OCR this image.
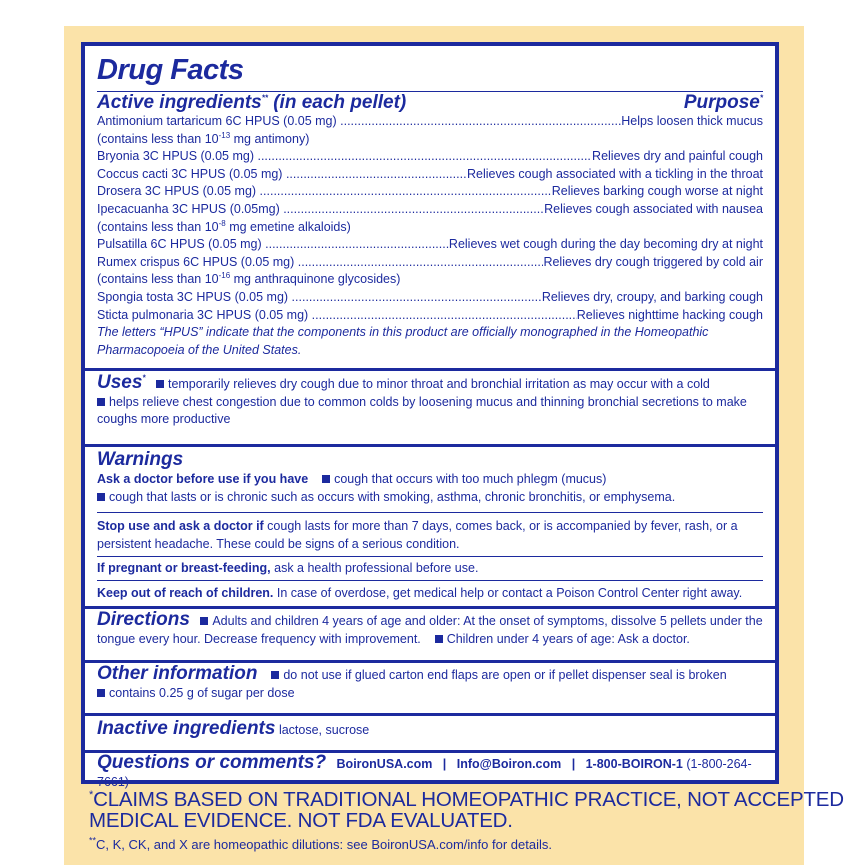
Drug Facts
Active ingredients** (in each pellet)	Purpose*
Antimonium tartaricum 6C HPUS (0.05 mg) .....	Helps loosen thick mucus
(contains less than $10^{-13}$ mg antimony)
Bryonia 3C HPUS (0.05 mg) .....	Relieves dry and painful cough
Coccus cacti 3C HPUS (0.05 mg) .....	Relieves cough associated with a tickling in the throat
Drosera 3C HPUS (0.05 mg) .....	Relieves barking cough worse at night
Ipecacuanha 3C HPUS (0.05mg) .....	Relieves cough associated with nausea
(contains less than $10^{-8}$ mg emetine alkaloids)
Pulsatilla 6C HPUS (0.05 mg) .....	Relieves wet cough during the day becoming dry at night
Rumex crispus 6C HPUS (0.05 mg) .....	Relieves dry cough triggered by cold air
(contains less than $10^{-16}$ mg anthraquinone glycosides)
Spongia tosta 3C HPUS (0.05 mg) .....	Relieves dry, croupy, and barking cough
Sticta pulmonaria 3C HPUS (0.05 mg) .....	Relieves nighttime hacking cough
The letters “HPUS” indicate that the components in this product are officially monographed in the Homeopathic Pharmacopoeia of the United States.
Uses* temporarily relieves dry cough due to minor throat and bronchial irritation as may occur with a cold
helps relieve chest congestion due to common colds by loosening mucus and thinning bronchial secretions to make coughs more productive
Warnings
Ask a doctor before use if you have cough that occurs with too much phlegm (mucus)
cough that lasts or is chronic such as occurs with smoking, asthma, chronic bronchitis, or emphysema.
Stop use and ask a doctor if cough lasts for more than 7 days, comes back, or is accompanied by fever, rash, or a persistent headache. These could be signs of a serious condition.
If pregnant or breast-feeding, ask a health professional before use.
Keep out of reach of children. In case of overdose, get medical help or contact a Poison Control Center right away.
Directions Adults and children 4 years of age and older: At the onset of symptoms, dissolve 5 pellets under the tongue every hour. Decrease frequency with improvement. Children under 4 years of age: Ask a doctor.
Other information do not use if glued carton end flaps are open or if pellet dispenser seal is broken
contains 0.25 g of sugar per dose
Inactive ingredients lactose, sucrose
Questions or comments? BoironUSA.com | Info@Boiron.com | 1-800-BOIRON-1 (1-800-264-7661)
*CLAIMS BASED ON TRADITIONAL HOMEOPATHIC PRACTICE, NOT ACCEPTED MEDICAL EVIDENCE. NOT FDA EVALUATED.
**C, K, CK, and X are homeopathic dilutions: see BoironUSA.com/info for details.
